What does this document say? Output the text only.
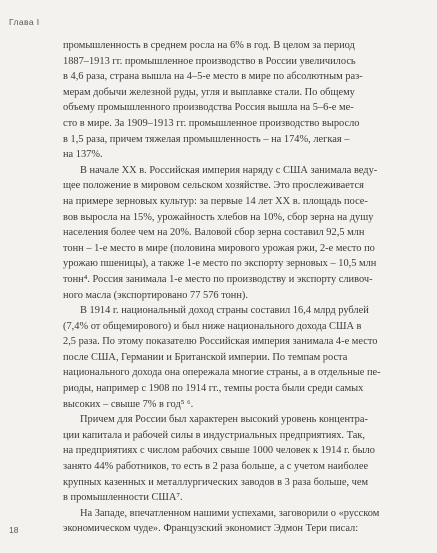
Глава I
промышленность в среднем росла на 6% в год. В целом за период
1887–1913 гг. промышленное производство в России увеличилось
в 4,6 раза, страна вышла на 4–5-е место в мире по абсолютным раз-
мерам добычи железной руды, угля и выплавке стали. По общему
объему промышленного производства Россия вышла на 5–6-е ме-
сто в мире. За 1909–1913 гг. промышленное производство выросло
в 1,5 раза, причем тяжелая промышленность – на 174%, легкая –
на 137%.
В начале XX в. Российская империя наряду с США занимала веду-
щее положение в мировом сельском хозяйстве. Это прослеживается
на примере зерновых культур: за первые 14 лет XX в. площадь посе-
вов выросла на 15%, урожайность хлебов на 10%, сбор зерна на душу
населения более чем на 20%. Валовой сбор зерна составил 92,5 млн
тонн – 1-е место в мире (половина мирового урожая ржи, 2-е место по
урожаю пшеницы), а также 1-е место по экспорту зерновых – 10,5 млн
тонн⁴. Россия занимала 1-е место по производству и экспорту сливоч-
ного масла (экспортировано 77 576 тонн).
В 1914 г. национальный доход страны составил 16,4 млрд рублей
(7,4% от общемирового) и был ниже национального дохода США в
2,5 раза. По этому показателю Российская империя занимала 4-е место
после США, Германии и Британской империи. По темпам роста
национального дохода она опережала многие страны, а в отдельные пе-
риоды, например с 1908 по 1914 гг., темпы роста были среди самых
высоких – свыше 7% в год⁵ ⁶.
Причем для России был характерен высокий уровень концентра-
ции капитала и рабочей силы в индустриальных предприятиях. Так,
на предприятиях с числом рабочих свыше 1000 человек к 1914 г. было
занято 44% работников, то есть в 2 раза больше, а с учетом наиболее
крупных казенных и металлургических заводов в 3 раза больше, чем
в промышленности США⁷.
На Западе, впечатленном нашими успехами, заговорили о «русском
экономическом чуде». Французский экономист Эдмон Тери писал:
18
